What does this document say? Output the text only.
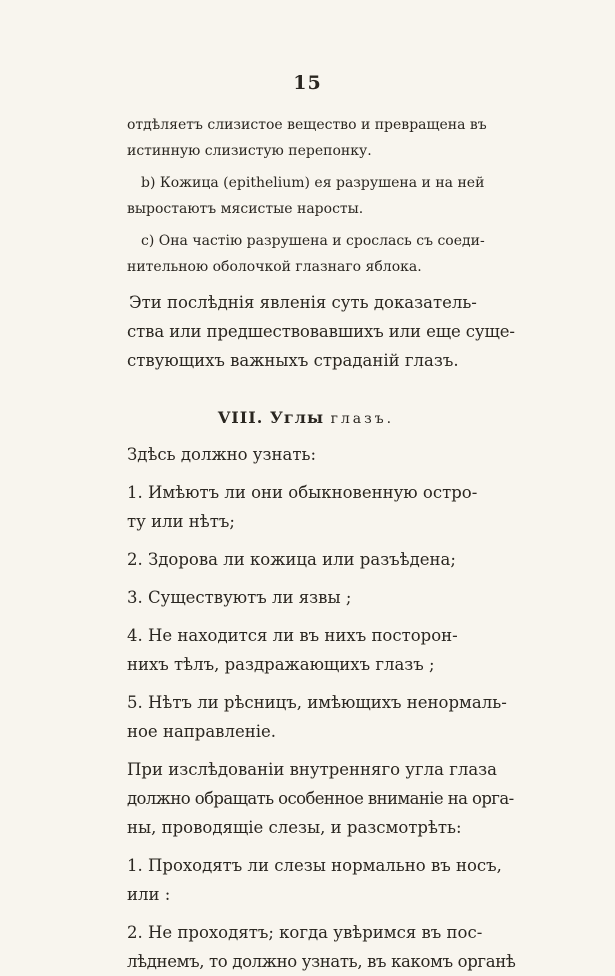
15
отдѣляетъ слизистое вещество и превращена въ
истинную слизистую перепонку.
b) Кожица (epithelium) ея разрушена и на ней
выростаютъ мясистые наросты.
с) Она частію разрушена и срослась съ соеди-
нительною оболочкой глазнаго яблока.
Эти послѣднія явленія суть доказатель-
ства или предшествовавшихъ или еще суще-
ствующихъ важныхъ страданій глазъ.
VIII. Углы глазъ.
Здѣсь должно узнать:
1. Имѣютъ ли они обыкновенную остро-
ту или нѣтъ;
2. Здорова ли кожица или разъѣдена;
3. Существуютъ ли язвы ;
4. Не находится ли въ нихъ посторон-
нихъ тѣлъ, раздражающихъ глазъ ;
5. Нѣтъ ли рѣсницъ, имѣющихъ ненормаль-
ное направленіе.
При изслѣдованіи внутренняго угла глаза
должно обращать особенное вниманіе на орга-
ны, проводящіе слезы, и разсмотрѣть:
1. Проходятъ ли слезы нормально въ носъ,
или :
2. Не проходятъ; когда увѣримся въ пос-
лѣднемъ, то должно узнать, въ какомъ органѣ
